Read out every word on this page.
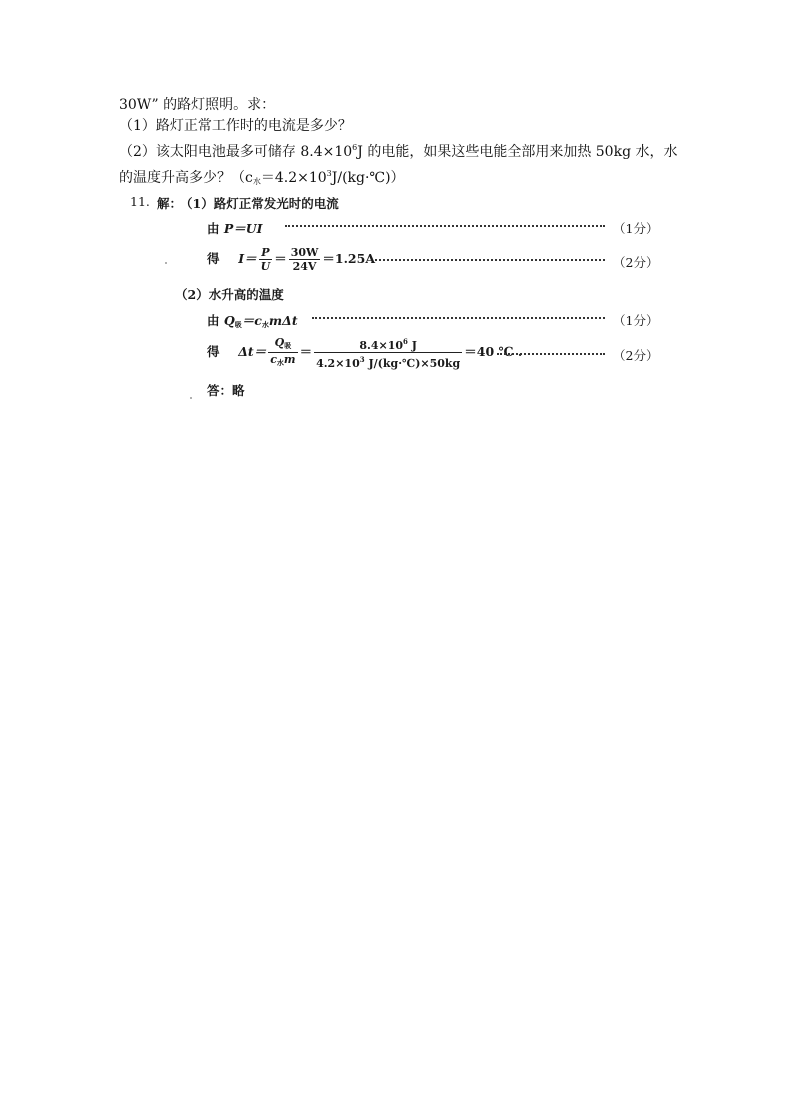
30W” 的路灯照明。求：

（1）路灯正常工作时的电流是多少？

（2）该太阳电池最多可储存 $8.4\times 10^6J$ 的电能，如果这些电能全部用来加热 50kg 水，水

的温度升高多少？$(c_水=4.2\times 10^3J/(kg\cdot℃))$

11. 解：
（1）路灯正常发光时的电流
由 P＝UI	（1分）
得 $I= \frac{P}{U} = \frac{30W}{24V} =1.25A$	（2分）
（2）水升高的温度
由 Q吸＝c水mΔt	（1分）
得 $\Delta t= \frac{\text{Q吸}}{\text{c水m}} = \frac{8.4\times 10^6 J}{4.2\times 10^3 J/(kg\cdot℃)\times 50kg} =40$ ℃ .	（2分）
答：略
